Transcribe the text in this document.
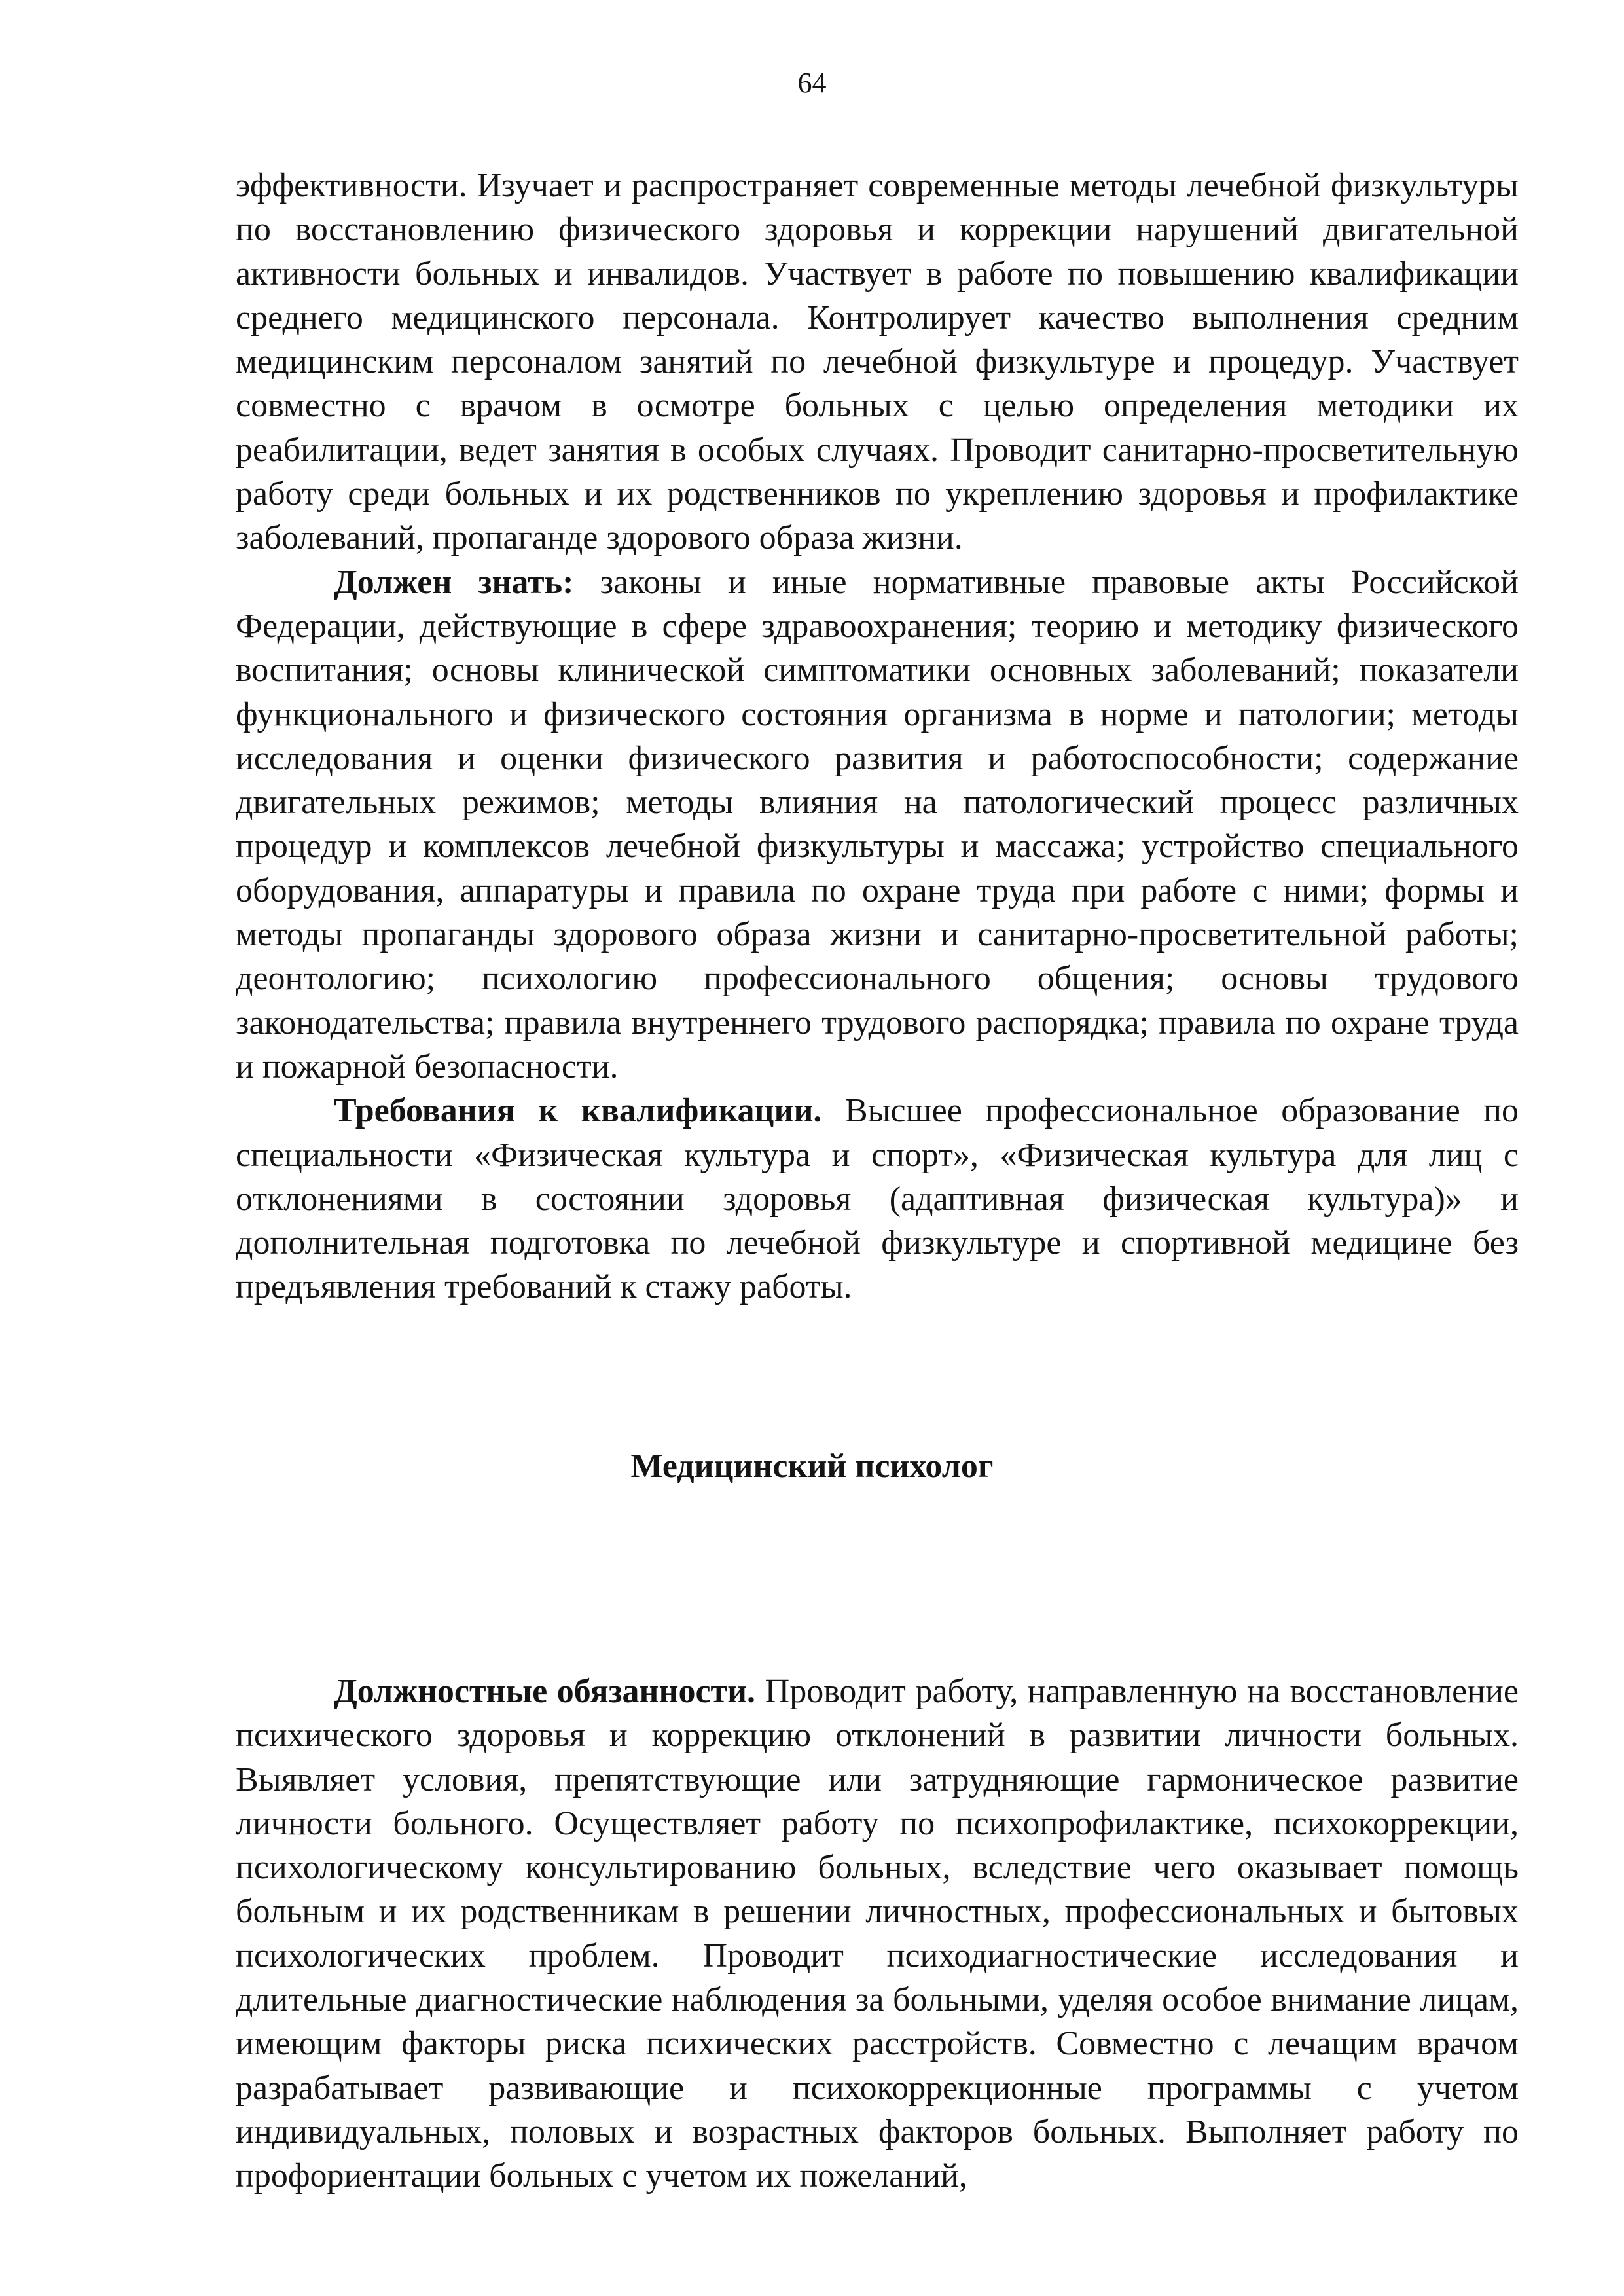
64

эффективности. Изучает и распространяет современные методы лечебной физкультуры по восстановлению физического здоровья и коррекции нарушений двигательной активности больных и инвалидов. Участвует в работе по повышению квалификации среднего медицинского персонала. Контролирует качество выполнения средним медицинским персоналом занятий по лечебной физкультуре и процедур. Участвует совместно с врачом в осмотре больных с целью определения методики их реабилитации, ведет занятия в особых случаях. Проводит санитарно-просветительную работу среди больных и их родственников по укреплению здоровья и профилактике заболеваний, пропаганде здорового образа жизни.

Должен знать: законы и иные нормативные правовые акты Российской Федерации, действующие в сфере здравоохранения; теорию и методику физического воспитания; основы клинической симптоматики основных заболеваний; показатели функционального и физического состояния организма в норме и патологии; методы исследования и оценки физического развития и работоспособности; содержание двигательных режимов; методы влияния на патологический процесс различных процедур и комплексов лечебной физкультуры и массажа; устройство специального оборудования, аппаратуры и правила по охране труда при работе с ними; формы и методы пропаганды здорового образа жизни и санитарно-просветительной работы; деонтологию; психологию профессионального общения; основы трудового законодательства; правила внутреннего трудового распорядка; правила по охране труда и пожарной безопасности.

Требования к квалификации. Высшее профессиональное образование по специальности «Физическая культура и спорт», «Физическая культура для лиц с отклонениями в состоянии здоровья (адаптивная физическая культура)» и дополнительная подготовка по лечебной физкультуре и спортивной медицине без предъявления требований к стажу работы.

Медицинский психолог

Должностные обязанности. Проводит работу, направленную на восстановление психического здоровья и коррекцию отклонений в развитии личности больных. Выявляет условия, препятствующие или затрудняющие гармоническое развитие личности больного. Осуществляет работу по психопрофилактике, психокоррекции, психологическому консультированию больных, вследствие чего оказывает помощь больным и их родственникам в решении личностных, профессиональных и бытовых психологических проблем. Проводит психодиагностические исследования и длительные диагностические наблюдения за больными, уделяя особое внимание лицам, имеющим факторы риска психических расстройств. Совместно с лечащим врачом разрабатывает развивающие и психокоррекционные программы с учетом индивидуальных, половых и возрастных факторов больных. Выполняет работу по профориентации больных с учетом их пожеланий,
